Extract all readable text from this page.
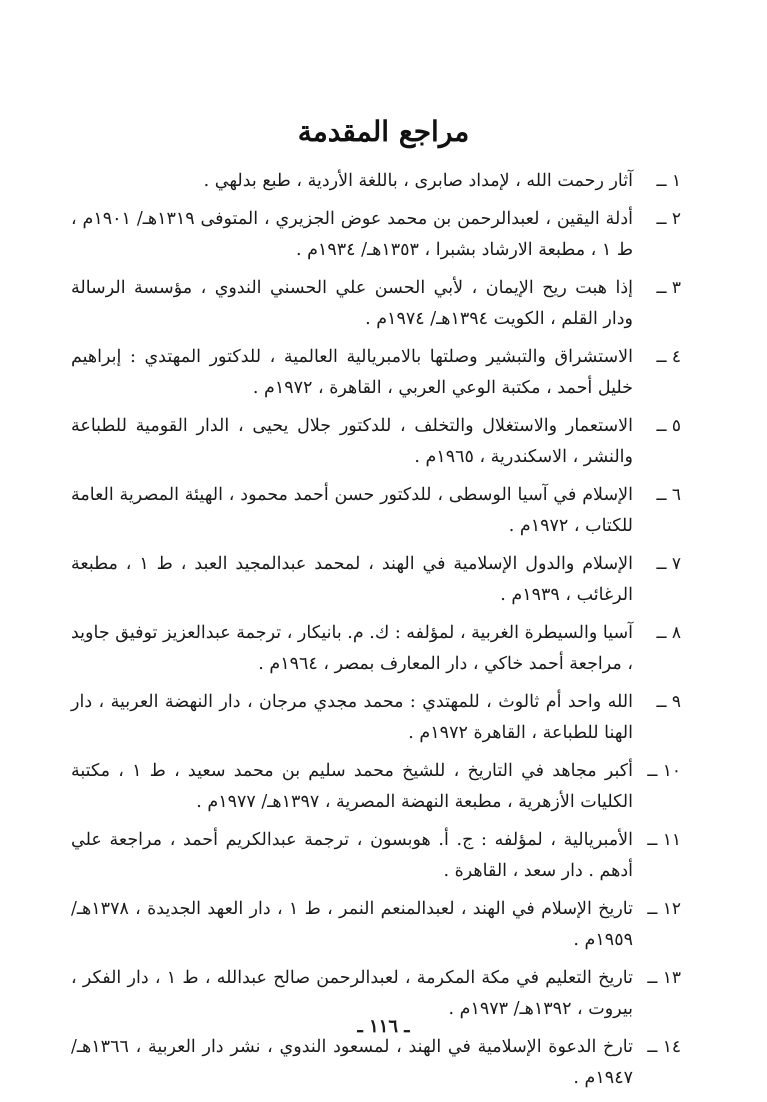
مراجع المقدمة
١ ــ
آثار رحمت الله ، لإمداد صابرى ، باللغة الأردية ، طبع بدلهي .
٢ ــ
أدلة اليقين ، لعبدالرحمن بن محمد عوض الجزيري ، المتوفى ١٣١٩هـ/ ١٩٠١م ، ط ١ ، مطبعة الارشاد بشبرا ، ١٣٥٣هـ/ ١٩٣٤م .
٣ ــ
إذا هبت ريح الإيمان ، لأبي الحسن علي الحسني الندوي ، مؤسسة الرسالة ودار القلم ، الكويت ١٣٩٤هـ/ ١٩٧٤م .
٤ ــ
الاستشراق والتبشير وصلتها بالامبريالية العالمية ، للدكتور المهتدي : إبراهيم خليل أحمد ، مكتبة الوعي العربي ، القاهرة ، ١٩٧٢م .
٥ ــ
الاستعمار والاستغلال والتخلف ، للدكتور جلال يحيى ، الدار القومية للطباعة والنشر ، الاسكندرية ، ١٩٦٥م .
٦ ــ
الإسلام في آسيا الوسطى ، للدكتور حسن أحمد محمود ، الهيئة المصرية العامة للكتاب ، ١٩٧٢م .
٧ ــ
الإسلام والدول الإسلامية في الهند ، لمحمد عبدالمجيد العبد ، ط ١ ، مطبعة الرغائب ، ١٩٣٩م .
٨ ــ
آسيا والسيطرة الغربية ، لمؤلفه : ك. م. بانيكار ، ترجمة عبدالعزيز توفيق جاويد ، مراجعة أحمد خاكي ، دار المعارف بمصر ، ١٩٦٤م .
٩ ــ
الله واحد أم ثالوث ، للمهتدي : محمد مجدي مرجان ، دار النهضة العربية ، دار الهنا للطباعة ، القاهرة ١٩٧٢م .
١٠ ــ
أكبر مجاهد في التاريخ ، للشيخ محمد سليم بن محمد سعيد ، ط ١ ، مكتبة الكليات الأزهرية ، مطبعة النهضة المصرية ، ١٣٩٧هـ/ ١٩٧٧م .
١١ ــ
الأمبريالية ، لمؤلفه : ج. أ. هوبسون ، ترجمة عبدالكريم أحمد ، مراجعة علي أدهم . دار سعد ، القاهرة .
١٢ ــ
تاريخ الإسلام في الهند ، لعبدالمنعم النمر ، ط ١ ، دار العهد الجديدة ، ١٣٧٨هـ/ ١٩٥٩م .
١٣ ــ
تاريخ التعليم في مكة المكرمة ، لعبدالرحمن صالح عبدالله ، ط ١ ، دار الفكر ، بيروت ، ١٣٩٢هـ/ ١٩٧٣م .
١٤ ــ
تارخ الدعوة الإسلامية في الهند ، لمسعود الندوي ، نشر دار العربية ، ١٣٦٦هـ/ ١٩٤٧م .
ـ ١١٦ ـ
